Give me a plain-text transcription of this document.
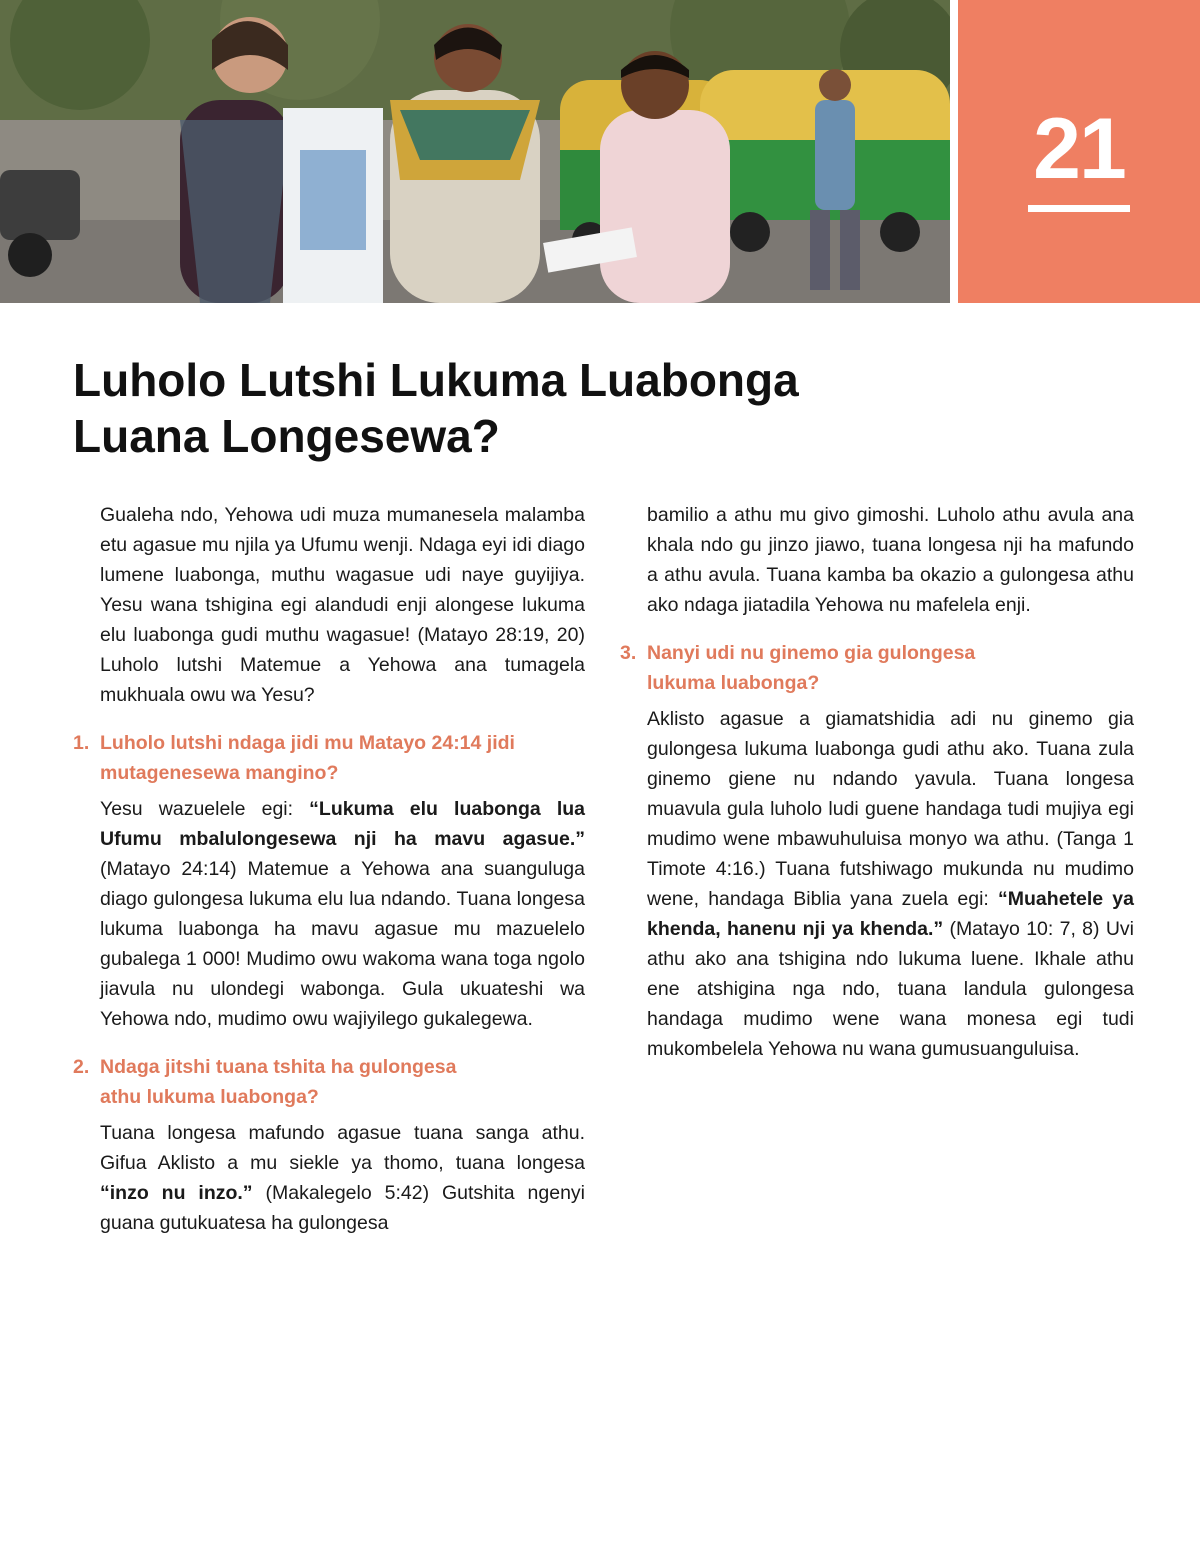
21
Luholo Lutshi Lukuma Luabonga
Luana Longesewa?

Gualeha ndo, Yehowa udi muza mumanesela malamba etu agasue mu njila ya Ufumu wenji. Ndaga eyi idi diago lumene luabonga, muthu wagasue udi naye guyijiya. Yesu wana tshigina egi alandudi enji alongese lukuma elu luabonga gudi muthu wagasue! (Matayo 28:19, 20) Luholo lutshi Matemue a Yehowa ana tumagela mukhuala owu wa Yesu?

1. Luholo lutshi ndaga jidi mu Matayo 24:14 jidi
mutagenesewa mangino?

Yesu wazuelele egi: “Lukuma elu luabonga lua Ufumu mbalulongesewa nji ha mavu agasue.” (Matayo 24:14) Matemue a Yehowa ana suanguluga diago gulongesa lukuma elu lua ndando. Tuana longesa lukuma luabonga ha mavu agasue mu mazuelelo gubalega 1 000! Mudimo owu wakoma wana toga ngolo jiavula nu ulondegi wabonga. Gula ukuateshi wa Yehowa ndo, mudimo owu wajiyilego gukalegewa.

2. Ndaga jitshi tuana tshita ha gulongesa
athu lukuma luabonga?

Tuana longesa mafundo agasue tuana sanga athu. Gifua Aklisto a mu siekle ya thomo, tuana longesa “inzo nu inzo.” (Makalegelo 5:42) Gutshita ngenyi guana gutukuatesa ha gulongesa

bamilio a athu mu givo gimoshi. Luholo athu avula ana khala ndo gu jinzo jiawo, tuana longesa nji ha mafundo a athu avula. Tuana kamba ba okazio a gulongesa athu ako ndaga jiatadila Yehowa nu mafelela enji.

3. Nanyi udi nu ginemo gia gulongesa
lukuma luabonga?

Aklisto agasue a giamatshidia adi nu ginemo gia gulongesa lukuma luabonga gudi athu ako. Tuana zula ginemo giene nu ndando yavula. Tuana longesa muavula gula luholo ludi guene handaga tudi mujiya egi mudimo wene mbawuhuluisa monyo wa athu. (Tanga 1 Timote 4:16.) Tuana futshiwago mukunda nu mudimo wene, handaga Biblia yana zuela egi: “Muahetele ya khenda, hanenu nji ya khenda.” (Matayo 10: 7, 8) Uvi athu ako ana tshigina ndo lukuma luene. Ikhale athu ene atshigina nga ndo, tuana landula gulongesa handaga mudimo wene wana monesa egi tudi mukombelela Yehowa nu wana gumusuanguluisa.
